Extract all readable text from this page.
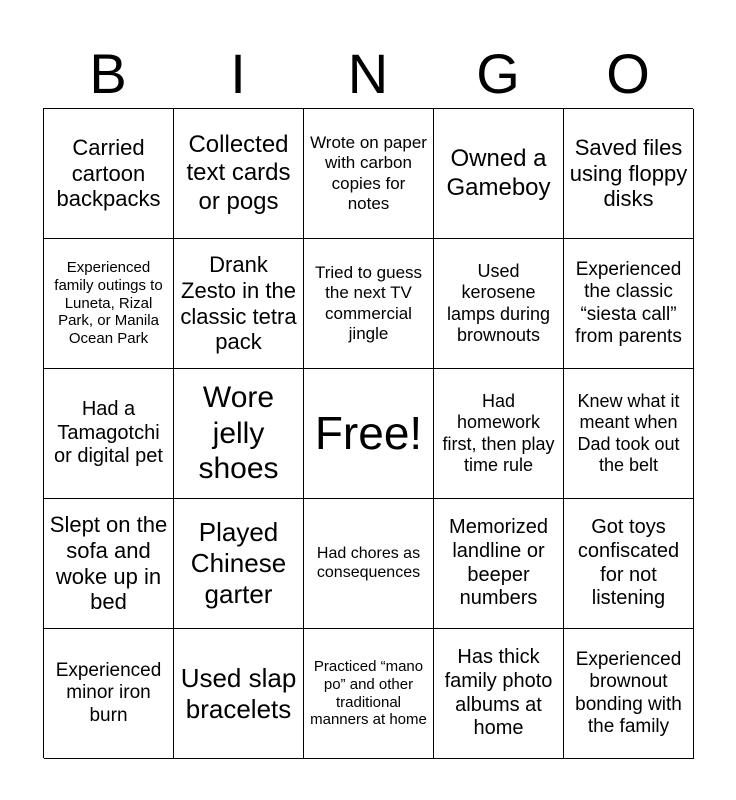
B	I	N	G	O
Carried cartoon backpacks
Collected text cards or pogs
Wrote on paper with carbon copies for notes
Owned a Gameboy
Saved files using floppy disks
Experienced family outings to Luneta, Rizal Park, or Manila Ocean Park
Drank Zesto in the classic tetra pack
Tried to guess the next TV commercial jingle
Used kerosene lamps during brownouts
Experienced the classic “siesta call” from parents
Had a Tamagotchi or digital pet
Wore jelly shoes
Free!
Had homework first, then play time rule
Knew what it meant when Dad took out the belt
Slept on the sofa and woke up in bed
Played Chinese garter
Had chores as consequences
Memorized landline or beeper numbers
Got toys confiscated for not listening
Experienced minor iron burn
Used slap bracelets
Practiced “mano po” and other traditional manners at home
Has thick family photo albums at home
Experienced brownout bonding with the family
